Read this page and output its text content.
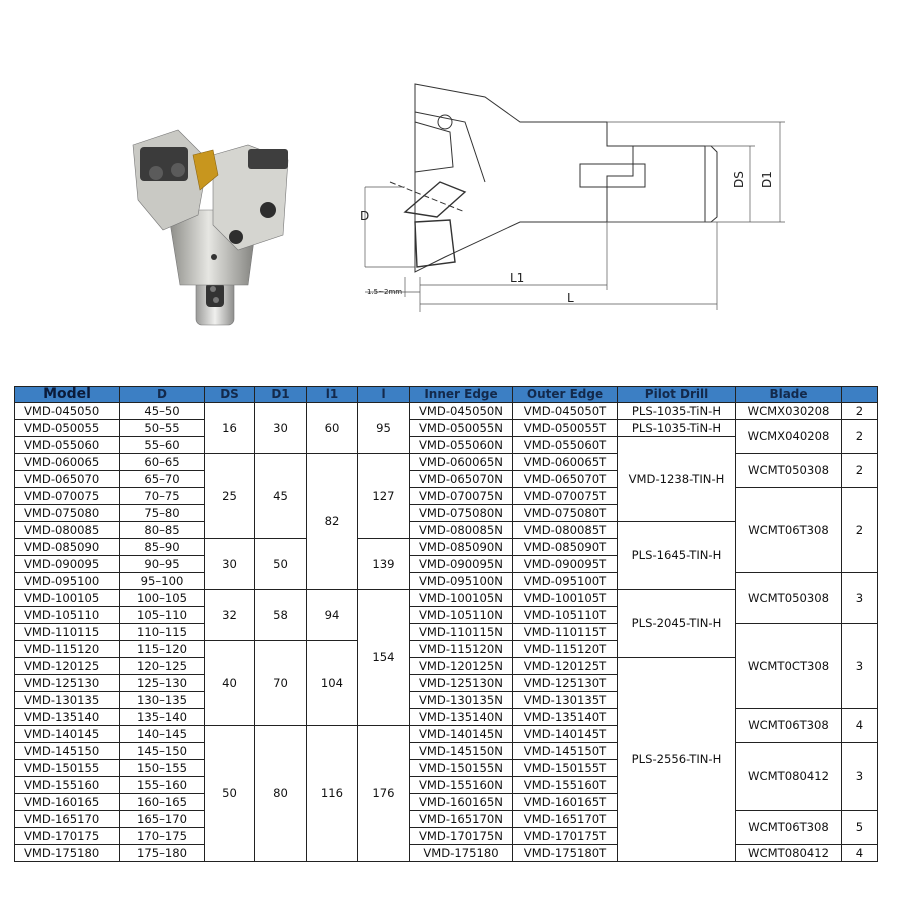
D
DS D1
L1
L
1.5~2mm
Model	D	DS	D1	l1	l	Inner Edge	Outer Edge	Pilot Drill	Blade	
VMD-045050	45–50	16	30	60	95	VMD-045050N	VMD-045050T	PLS-1035-TiN-H	WCMX030208	2
VMD-050055	50–55					VMD-050055N	VMD-050055T	PLS-1035-TiN-H	WCMX040208	2
VMD-055060	55–60					VMD-055060N	VMD-055060T	VMD-1238-TIN-H		
VMD-060065	60–65	25	45	82	127	VMD-060065N	VMD-060065T		WCMT050308	2
VMD-065070	65–70					VMD-065070N	VMD-065070T			
VMD-070075	70–75					VMD-070075N	VMD-070075T		WCMT06T308	2
VMD-075080	75–80					VMD-075080N	VMD-075080T			
VMD-080085	80–85					VMD-080085N	VMD-080085T	PLS-1645-TIN-H		
VMD-085090	85–90	30	50		139	VMD-085090N	VMD-085090T			
VMD-090095	90–95					VMD-090095N	VMD-090095T			
VMD-095100	95–100					VMD-095100N	VMD-095100T		WCMT050308	3
VMD-100105	100–105	32	58	94	154	VMD-100105N	VMD-100105T	PLS-2045-TIN-H		
VMD-105110	105–110					VMD-105110N	VMD-105110T			
VMD-110115	110–115					VMD-110115N	VMD-110115T		WCMT0CT308	3
VMD-115120	115–120	40	70	104		VMD-115120N	VMD-115120T			
VMD-120125	120–125					VMD-120125N	VMD-120125T	PLS-2556-TIN-H		
VMD-125130	125–130					VMD-125130N	VMD-125130T			
VMD-130135	130–135					VMD-130135N	VMD-130135T			
VMD-135140	135–140					VMD-135140N	VMD-135140T		WCMT06T308	4
VMD-140145	140–145	50	80	116	176	VMD-140145N	VMD-140145T			
VMD-145150	145–150					VMD-145150N	VMD-145150T		WCMT080412	3
VMD-150155	150–155					VMD-150155N	VMD-150155T			
VMD-155160	155–160					VMD-155160N	VMD-155160T			
VMD-160165	160–165					VMD-160165N	VMD-160165T			
VMD-165170	165–170					VMD-165170N	VMD-165170T		WCMT06T308	5
VMD-170175	170–175					VMD-170175N	VMD-170175T			
VMD-175180	175–180					VMD-175180	VMD-175180T		WCMT080412	4
